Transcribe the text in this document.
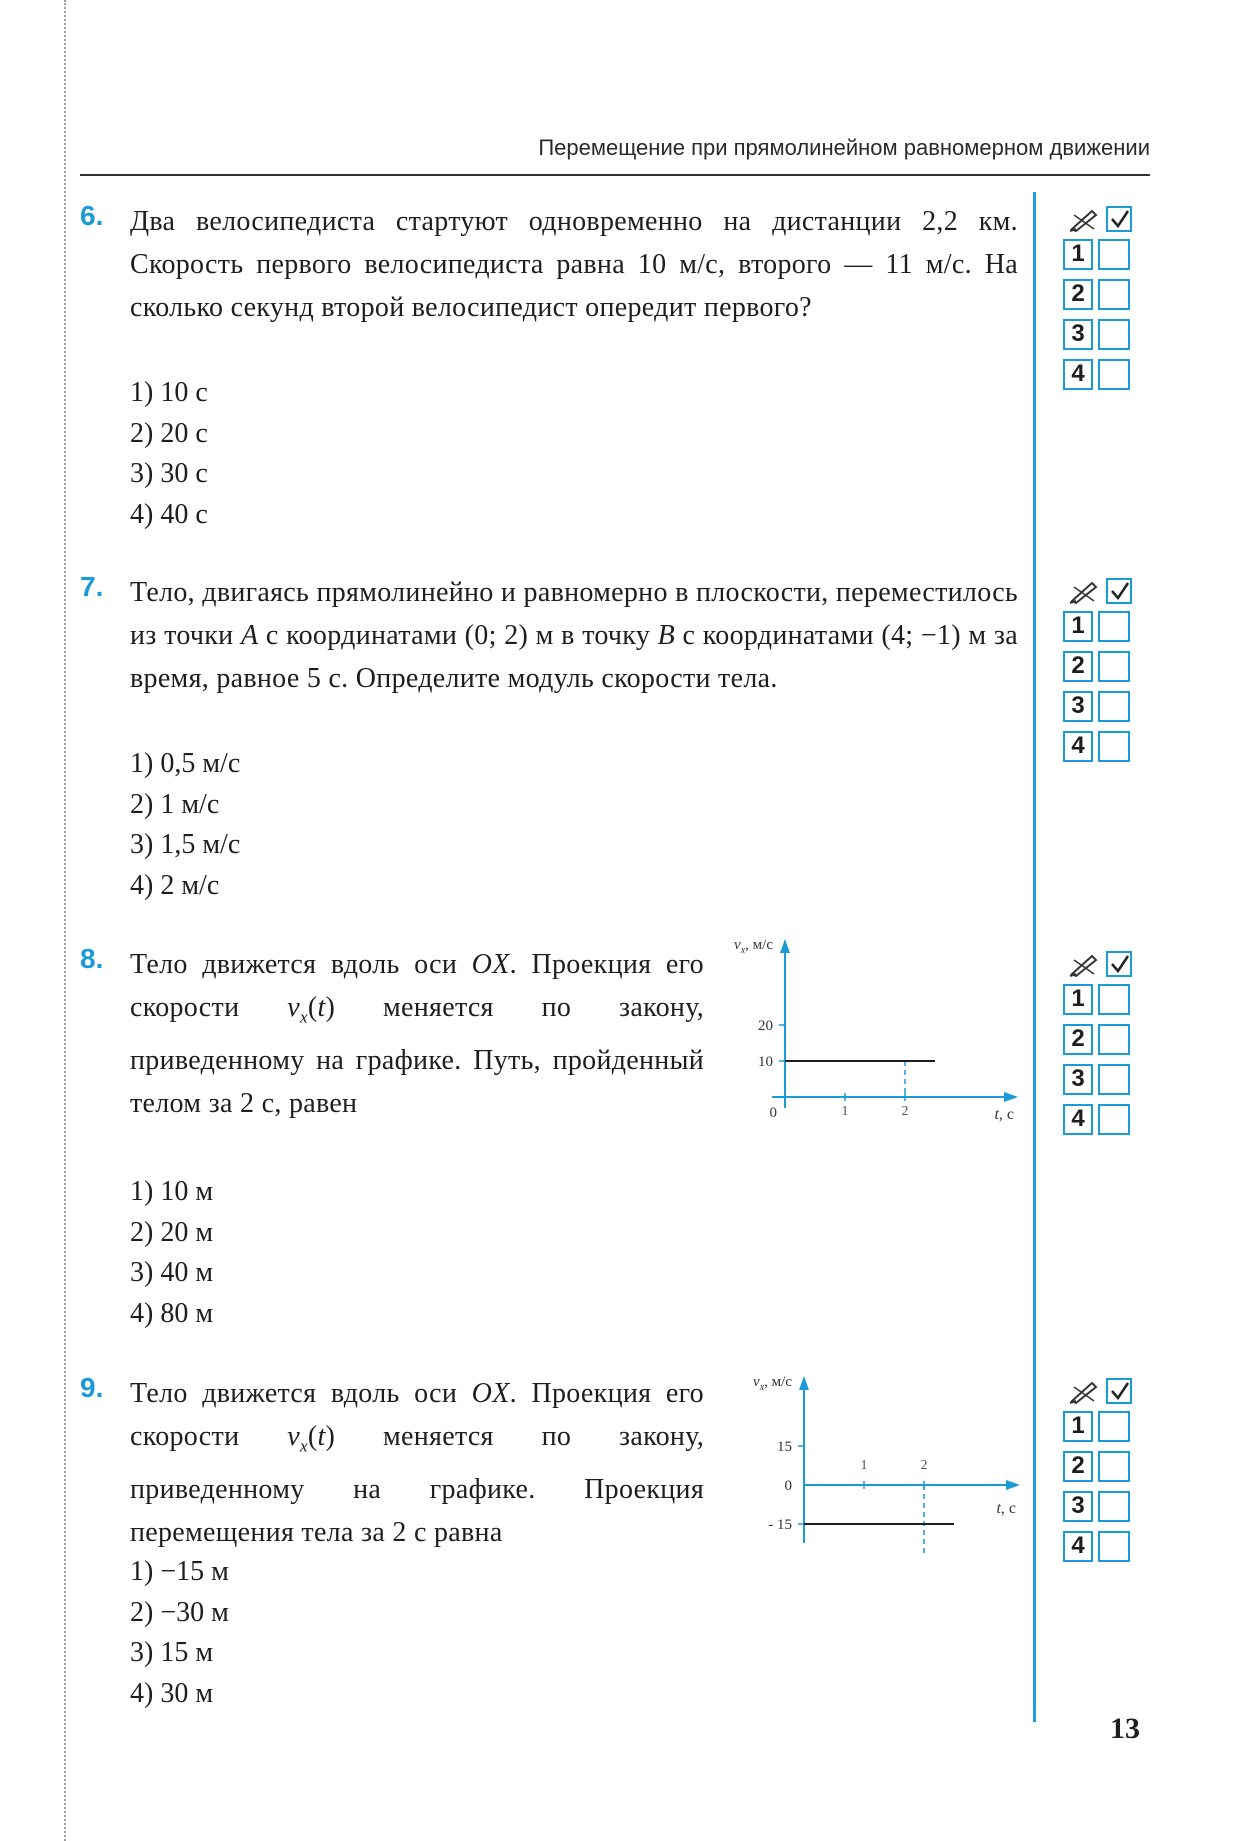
Перемещение при прямолинейном равномерном движении
6. Два велосипедиста стартуют одновременно на дистанции 2,2 км. Скорость первого велосипедиста равна 10 м/с, второго — 11 м/с. На сколько секунд второй велосипедист опередит первого?
1) 10 с
2) 20 с
3) 30 с
4) 40 с
7. Тело, двигаясь прямолинейно и равномерно в плоскости, переместилось из точки A с координатами (0; 2) м в точку B с координатами (4; −1) м за время, равное 5 с. Определите модуль скорости тела.
1) 0,5 м/с
2) 1 м/с
3) 1,5 м/с
4) 2 м/с
8. Тело движется вдоль оси OX. Проекция его скорости $v_x(t)$ меняется по закону, приведенному на графике. Путь, пройденный телом за 2 с, равен
1) 10 м
2) 20 м
3) 40 м
4) 80 м
9. Тело движется вдоль оси OX. Проекция его скорости $v_x(t)$ меняется по закону, приведенному на графике. Проекция перемещения тела за 2 с равна
1) −15 м
2) −30 м
3) 15 м
4) 30 м
$v_x$, м/с
t, с
0
20
10
1	2
$v_x$, м/с
t, с
15
0
- 15
1	2
1
2
3
4
1
2
3
4
1
2
3
4
1
2
3
4
13
